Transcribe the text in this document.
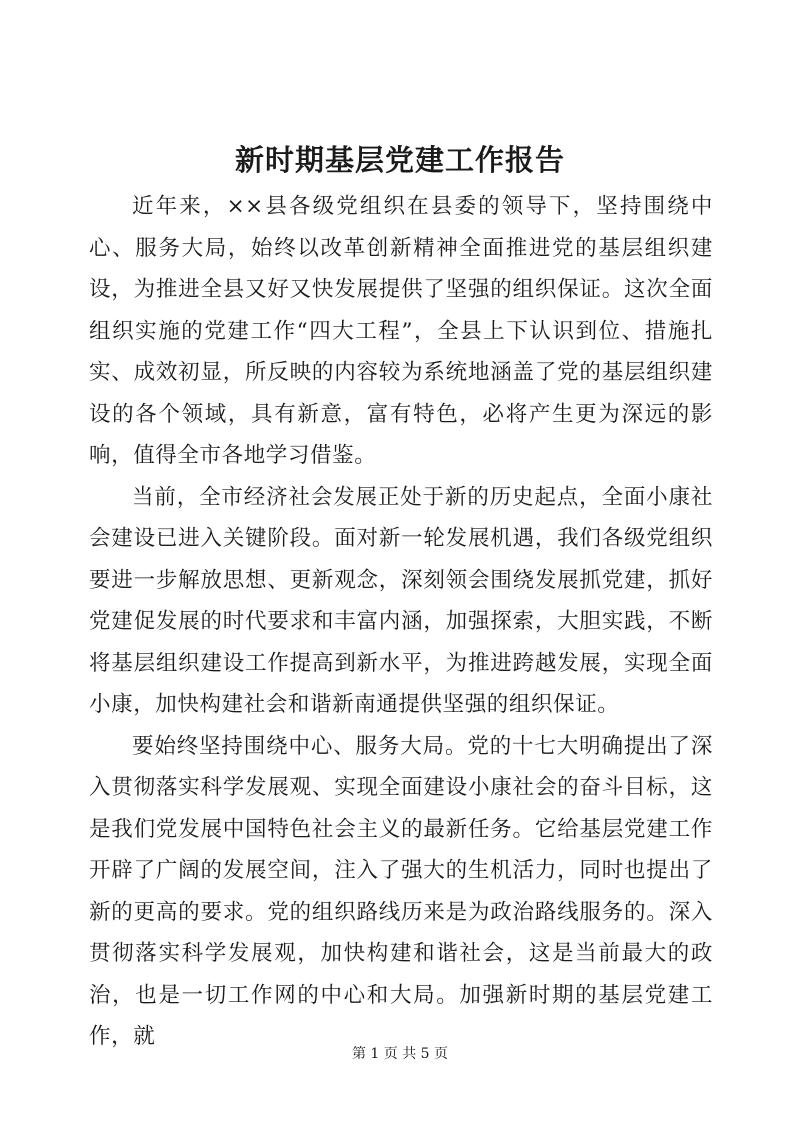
新时期基层党建工作报告

近年来，××县各级党组织在县委的领导下，坚持围绕中心、服务大局，始终以改革创新精神全面推进党的基层组织建设，为推进全县又好又快发展提供了坚强的组织保证。这次全面组织实施的党建工作“四大工程”，全县上下认识到位、措施扎实、成效初显，所反映的内容较为系统地涵盖了党的基层组织建设的各个领域，具有新意，富有特色，必将产生更为深远的影响，值得全市各地学习借鉴。

当前，全市经济社会发展正处于新的历史起点，全面小康社会建设已进入关键阶段。面对新一轮发展机遇，我们各级党组织要进一步解放思想、更新观念，深刻领会围绕发展抓党建，抓好党建促发展的时代要求和丰富内涵，加强探索，大胆实践，不断将基层组织建设工作提高到新水平，为推进跨越发展，实现全面小康，加快构建社会和谐新南通提供坚强的组织保证。

要始终坚持围绕中心、服务大局。党的十七大明确提出了深入贯彻落实科学发展观、实现全面建设小康社会的奋斗目标，这是我们党发展中国特色社会主义的最新任务。它给基层党建工作开辟了广阔的发展空间，注入了强大的生机活力，同时也提出了新的更高的要求。党的组织路线历来是为政治路线服务的。深入贯彻落实科学发展观，加快构建和谐社会，这是当前最大的政治，也是一切工作网的中心和大局。加强新时期的基层党建工作，就

第 1 页 共 5 页
